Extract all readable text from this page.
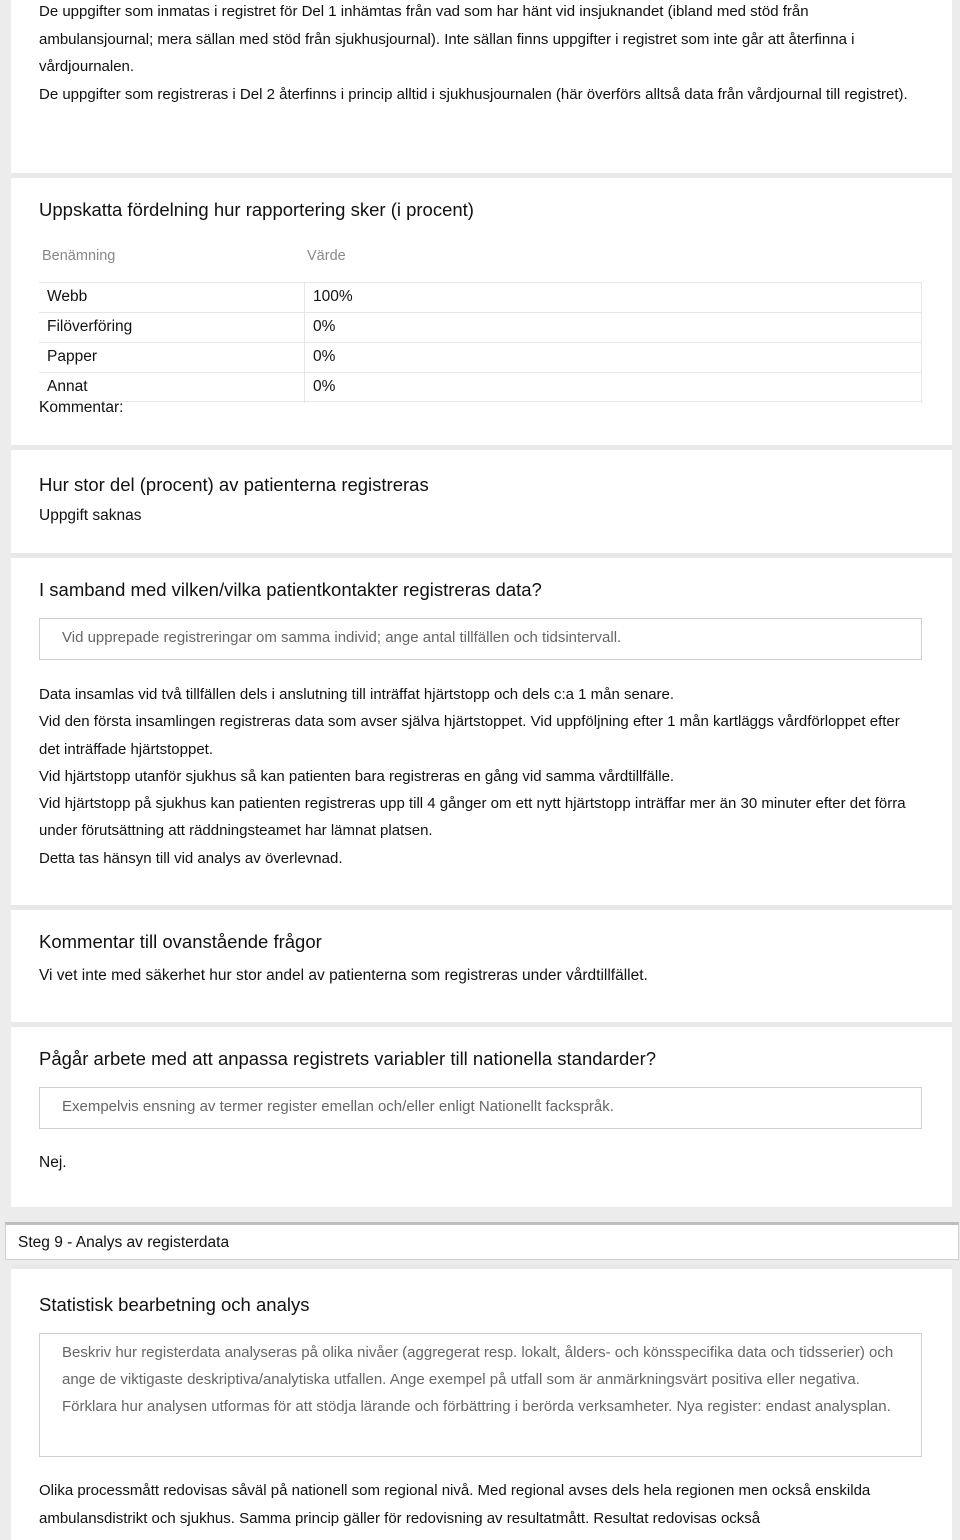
De uppgifter som inmatas i registret för Del 1 inhämtas från vad som har hänt vid insjuknandet (ibland med stöd från ambulansjournal; mera sällan med stöd från sjukhusjournal). Inte sällan finns uppgifter i registret som inte går att återfinna i vårdjournalen.

De uppgifter som registreras i Del 2 återfinns i princip alltid i sjukhusjournalen (här överförs alltså data från vårdjournal till registret).

Uppskatta fördelning hur rapportering sker (i procent)
Benämning	Värde
Webb	100%
Filöverföring	0%
Papper	0%
Annat	0%
Kommentar:
Hur stor del (procent) av patienterna registreras
Uppgift saknas
I samband med vilken/vilka patientkontakter registreras data?
Vid upprepade registreringar om samma individ; ange antal tillfällen och tidsintervall.

Data insamlas vid två tillfällen dels i anslutning till inträffat hjärtstopp och dels c:a 1 mån senare.

Vid den första insamlingen registreras data som avser själva hjärtstoppet. Vid uppföljning efter 1 mån kartläggs vårdförloppet efter det inträffade hjärtstoppet.

Vid hjärtstopp utanför sjukhus så kan patienten bara registreras en gång vid samma vårdtillfälle.

Vid hjärtstopp på sjukhus kan patienten registreras upp till 4 gånger om ett nytt hjärtstopp inträffar mer än 30 minuter efter det förra under förutsättning att räddningsteamet har lämnat platsen.

Detta tas hänsyn till vid analys av överlevnad.

Kommentar till ovanstående frågor
Vi vet inte med säkerhet hur stor andel av patienterna som registreras under vårdtillfället.
Pågår arbete med att anpassa registrets variabler till nationella standarder?
Exempelvis ensning av termer register emellan och/eller enligt Nationellt fackspråk.
Nej.
Steg 9 - Analys av registerdata
Statistisk bearbetning och analys
Beskriv hur registerdata analyseras på olika nivåer (aggregerat resp. lokalt, ålders- och könsspecifika data och tidsserier) och ange de viktigaste deskriptiva/analytiska utfallen. Ange exempel på utfall som är anmärkningsvärt positiva eller negativa. Förklara hur analysen utformas för att stödja lärande och förbättring i berörda verksamheter. Nya register: endast analysplan.
Olika processmått redovisas såväl på nationell som regional nivå. Med regional avses dels hela regionen men också enskilda ambulansdistrikt och sjukhus. Samma princip gäller för redovisning av resultatmått. Resultat redovisas också
